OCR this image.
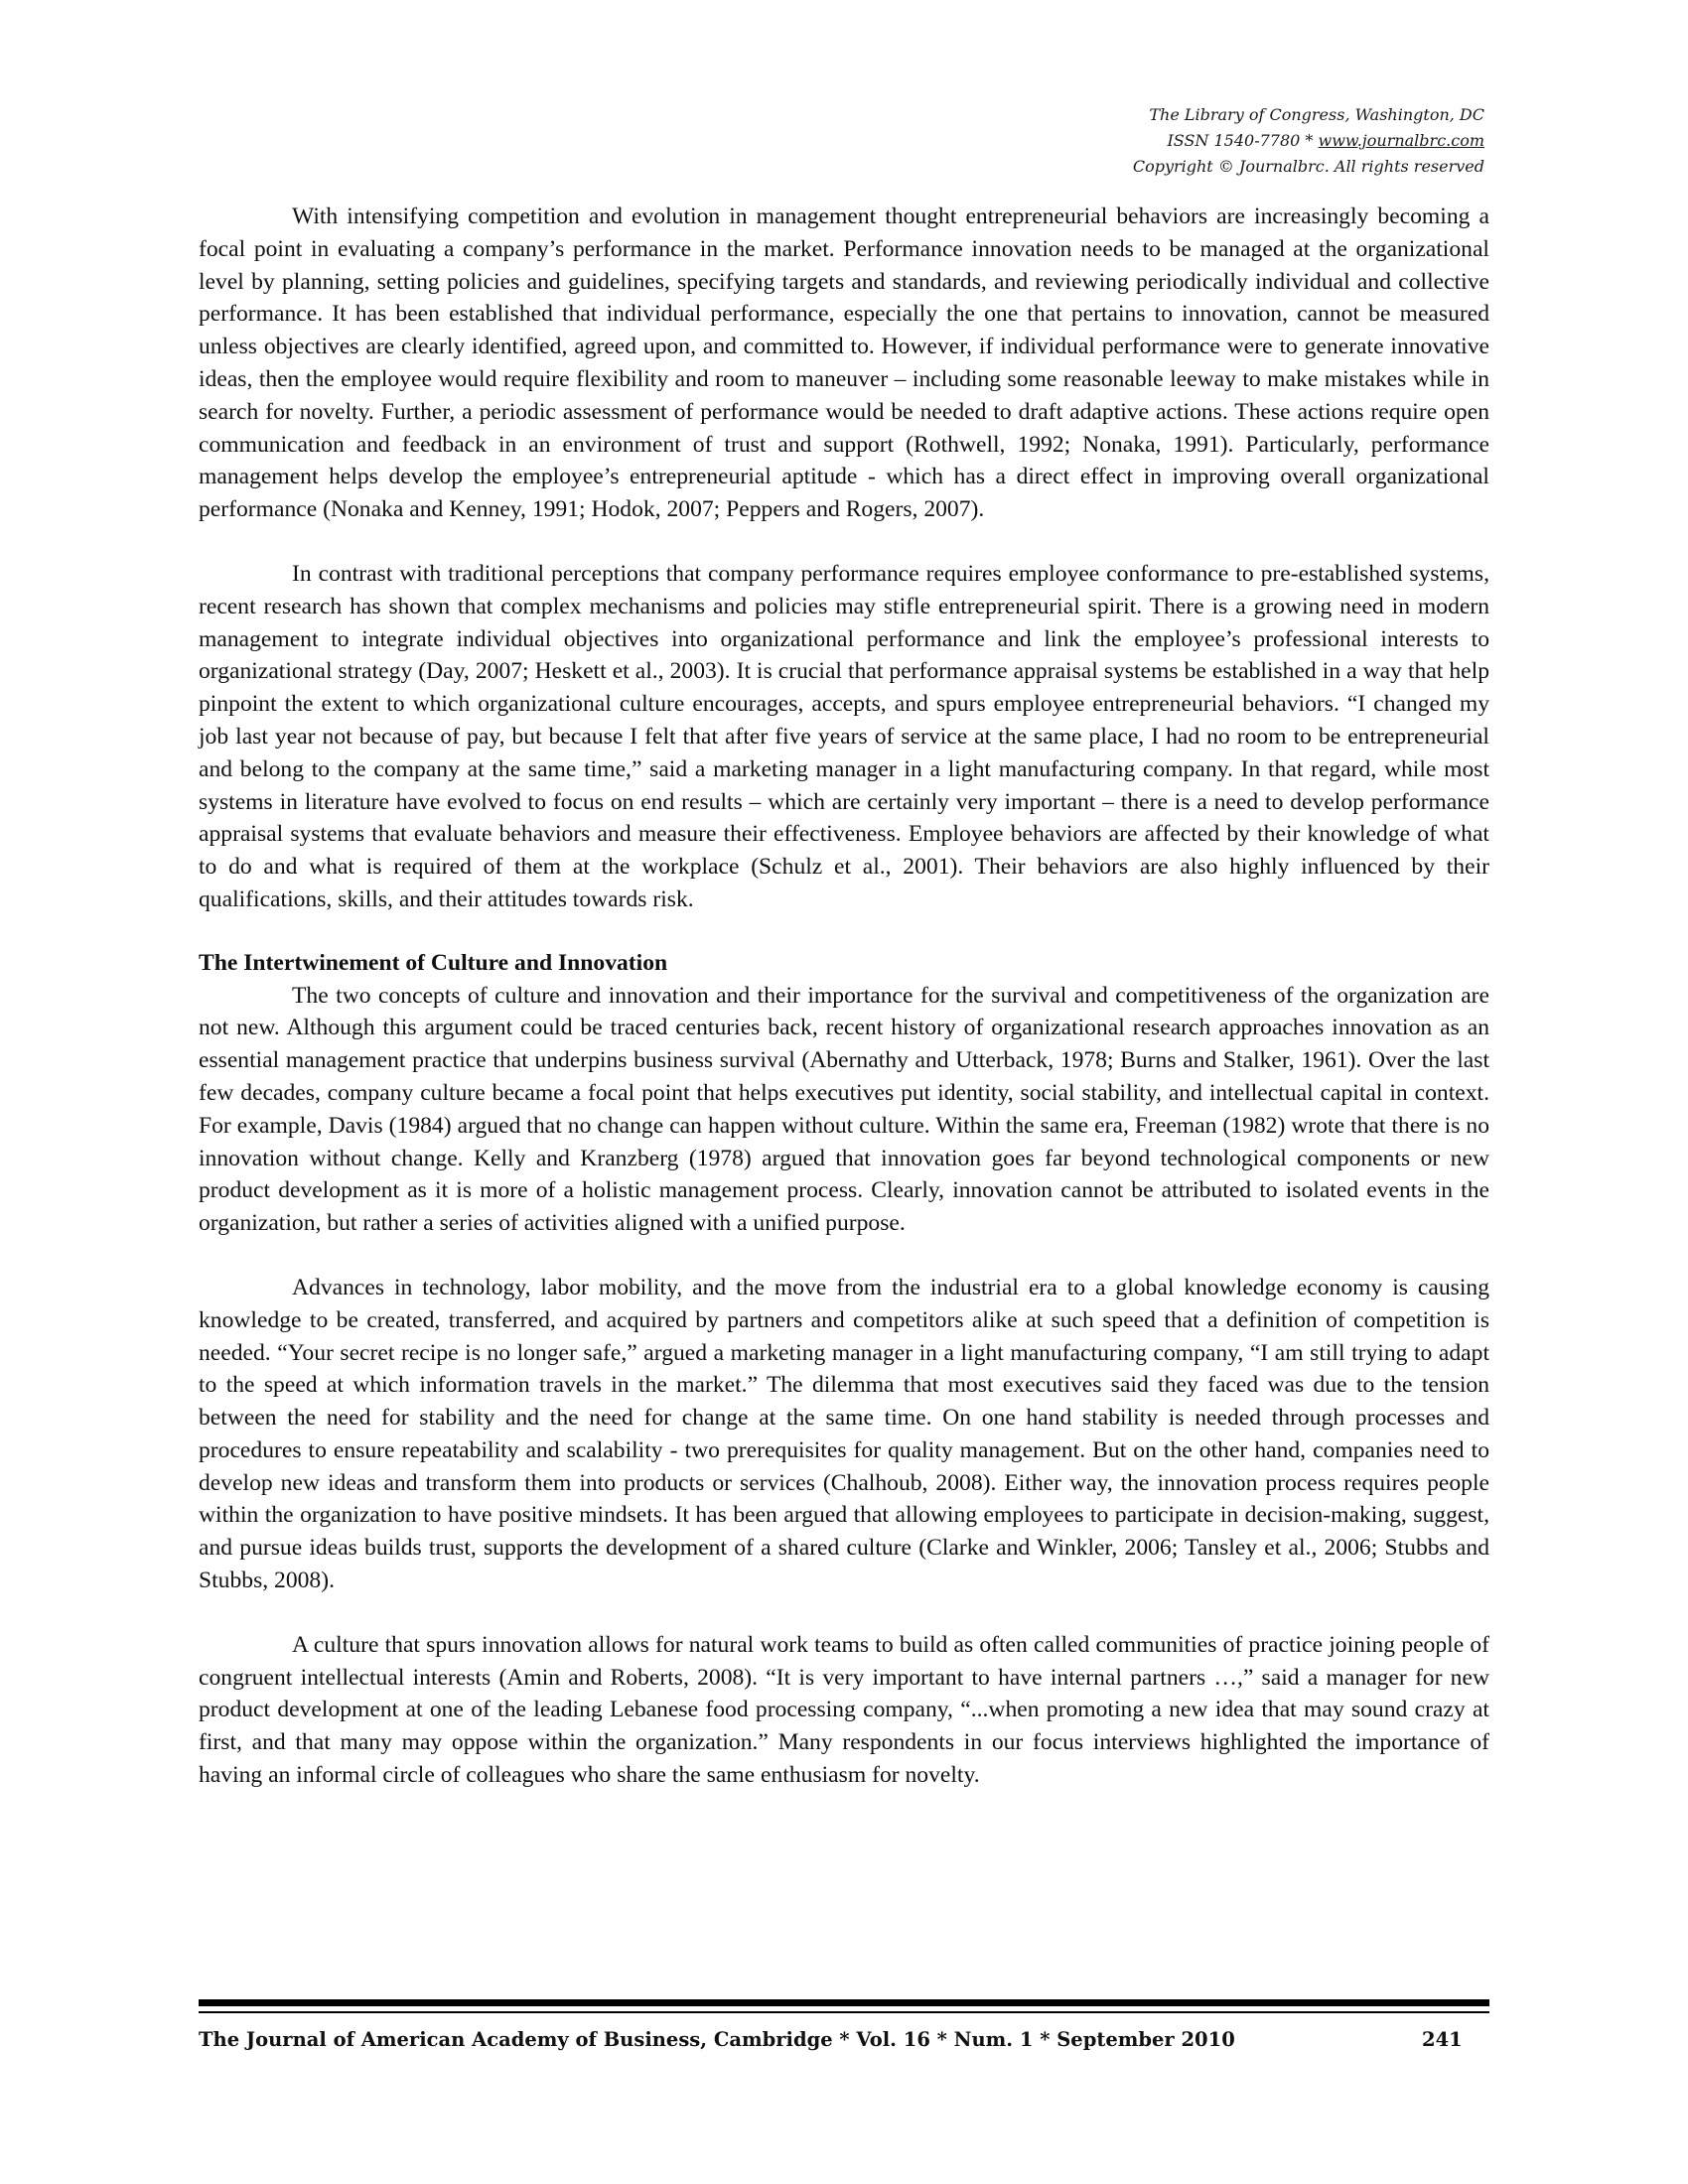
The Library of Congress, Washington, DC
ISSN 1540-7780 * www.journalbrc.com
Copyright © Journalbrc. All rights reserved

With intensifying competition and evolution in management thought entrepreneurial behaviors are increasingly becoming a focal point in evaluating a company’s performance in the market. Performance innovation needs to be managed at the organizational level by planning, setting policies and guidelines, specifying targets and standards, and reviewing periodically individual and collective performance. It has been established that individual performance, especially the one that pertains to innovation, cannot be measured unless objectives are clearly identified, agreed upon, and committed to. However, if individual performance were to generate innovative ideas, then the employee would require flexibility and room to maneuver – including some reasonable leeway to make mistakes while in search for novelty. Further, a periodic assessment of performance would be needed to draft adaptive actions. These actions require open communication and feedback in an environment of trust and support (Rothwell, 1992; Nonaka, 1991). Particularly, performance management helps develop the employee’s entrepreneurial aptitude - which has a direct effect in improving overall organizational performance (Nonaka and Kenney, 1991; Hodok, 2007; Peppers and Rogers, 2007).

In contrast with traditional perceptions that company performance requires employee conformance to pre-established systems, recent research has shown that complex mechanisms and policies may stifle entrepreneurial spirit. There is a growing need in modern management to integrate individual objectives into organizational performance and link the employee’s professional interests to organizational strategy (Day, 2007; Heskett et al., 2003). It is crucial that performance appraisal systems be established in a way that help pinpoint the extent to which organizational culture encourages, accepts, and spurs employee entrepreneurial behaviors. “I changed my job last year not because of pay, but because I felt that after five years of service at the same place, I had no room to be entrepreneurial and belong to the company at the same time,” said a marketing manager in a light manufacturing company. In that regard, while most systems in literature have evolved to focus on end results – which are certainly very important – there is a need to develop performance appraisal systems that evaluate behaviors and measure their effectiveness. Employee behaviors are affected by their knowledge of what to do and what is required of them at the workplace (Schulz et al., 2001). Their behaviors are also highly influenced by their qualifications, skills, and their attitudes towards risk.

The Intertwinement of Culture and Innovation

The two concepts of culture and innovation and their importance for the survival and competitiveness of the organization are not new. Although this argument could be traced centuries back, recent history of organizational research approaches innovation as an essential management practice that underpins business survival (Abernathy and Utterback, 1978; Burns and Stalker, 1961). Over the last few decades, company culture became a focal point that helps executives put identity, social stability, and intellectual capital in context. For example, Davis (1984) argued that no change can happen without culture. Within the same era, Freeman (1982) wrote that there is no innovation without change. Kelly and Kranzberg (1978) argued that innovation goes far beyond technological components or new product development as it is more of a holistic management process. Clearly, innovation cannot be attributed to isolated events in the organization, but rather a series of activities aligned with a unified purpose.

Advances in technology, labor mobility, and the move from the industrial era to a global knowledge economy is causing knowledge to be created, transferred, and acquired by partners and competitors alike at such speed that a definition of competition is needed. “Your secret recipe is no longer safe,” argued a marketing manager in a light manufacturing company, “I am still trying to adapt to the speed at which information travels in the market.” The dilemma that most executives said they faced was due to the tension between the need for stability and the need for change at the same time. On one hand stability is needed through processes and procedures to ensure repeatability and scalability - two prerequisites for quality management. But on the other hand, companies need to develop new ideas and transform them into products or services (Chalhoub, 2008). Either way, the innovation process requires people within the organization to have positive mindsets. It has been argued that allowing employees to participate in decision-making, suggest, and pursue ideas builds trust, supports the development of a shared culture (Clarke and Winkler, 2006; Tansley et al., 2006; Stubbs and Stubbs, 2008).

A culture that spurs innovation allows for natural work teams to build as often called communities of practice joining people of congruent intellectual interests (Amin and Roberts, 2008). “It is very important to have internal partners …,” said a manager for new product development at one of the leading Lebanese food processing company, “...when promoting a new idea that may sound crazy at first, and that many may oppose within the organization.” Many respondents in our focus interviews highlighted the importance of having an informal circle of colleagues who share the same enthusiasm for novelty.

The Journal of American Academy of Business, Cambridge * Vol. 16 * Num. 1 * September 2010	241
